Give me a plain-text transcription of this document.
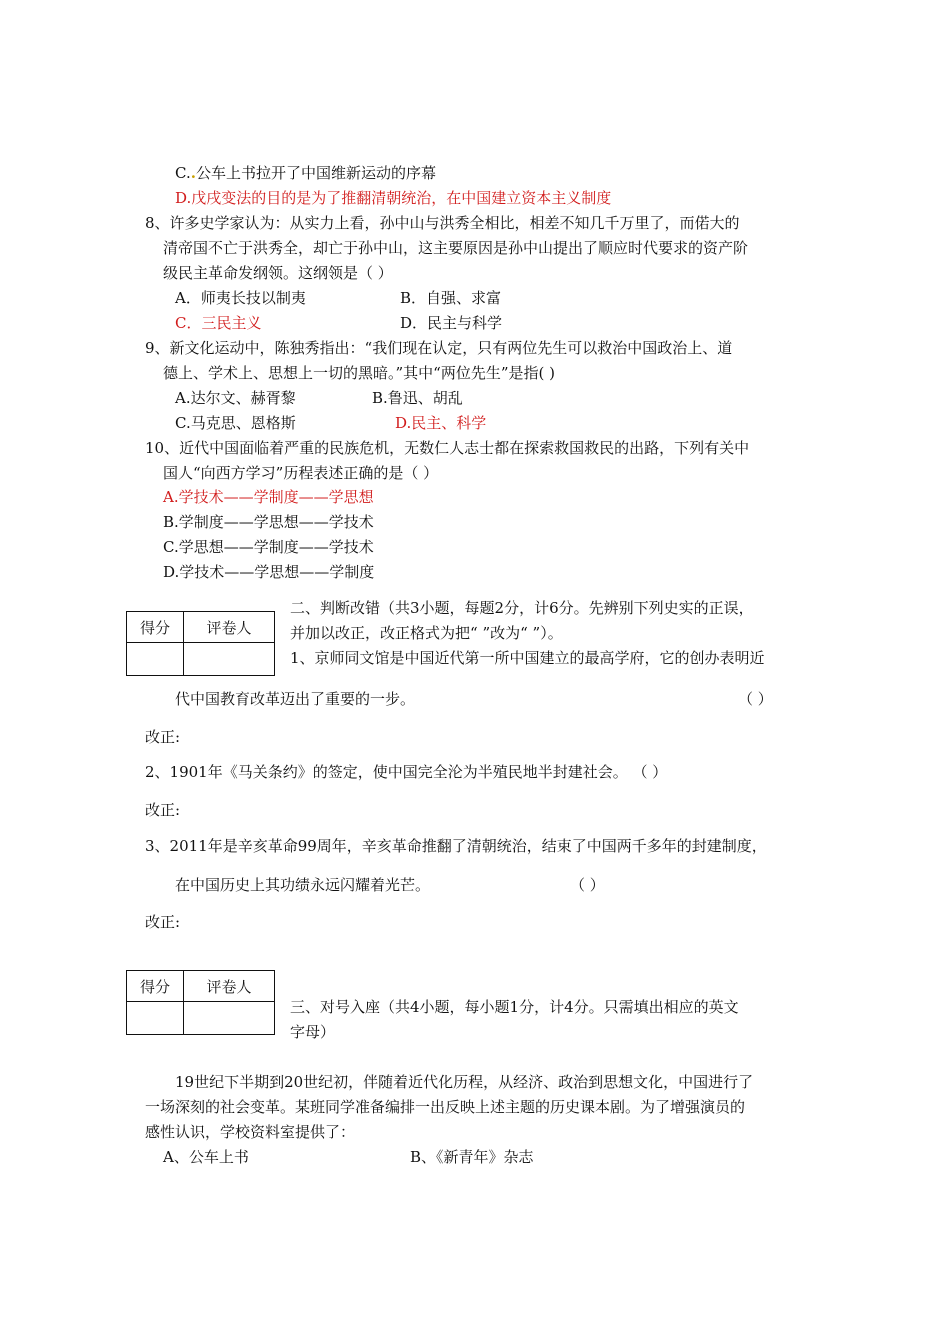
C..公车上书拉开了中国维新运动的序幕
D.戊戌变法的目的是为了推翻清朝统治，在中国建立资本主义制度
8、许多史学家认为：从实力上看，孙中山与洪秀全相比，相差不知几千万里了，而偌大的
清帝国不亡于洪秀全，却亡于孙中山，这主要原因是孙中山提出了顺应时代要求的资产阶
级民主革命发纲领。这纲领是（ ）
A．师夷长技以制夷	B．自强、求富
C．三民主义	D．民主与科学
9、新文化运动中，陈独秀指出：“我们现在认定，只有两位先生可以救治中国政治上、道
德上、学术上、思想上一切的黑暗。”其中“两位先生”是指( )
A.达尔文、赫胥黎	B.鲁迅、胡乱
C.马克思、恩格斯	D.民主、科学
10、近代中国面临着严重的民族危机，无数仁人志士都在探索救国救民的出路，下列有关中
国人“向西方学习”历程表述正确的是（ ）
A.学技术——学制度——学思想
B.学制度——学思想——学技术
C.学思想——学制度——学技术
D.学技术——学思想——学制度
得分	评卷人

二、判断改错（共3小题，每题2分，计6分。先辨别下列史实的正误，
并加以改正，改正格式为把“ ”改为“ ”）。
1、京师同文馆是中国近代第一所中国建立的最高学府，它的创办表明近
代中国教育改革迈出了重要的一步。	（ ）
改正:
2、1901年《马关条约》的签定，使中国完全沦为半殖民地半封建社会。 （ ）
改正:
3、2011年是辛亥革命99周年，辛亥革命推翻了清朝统治，结束了中国两千多年的封建制度，
在中国历史上其功绩永远闪耀着光芒。	（ ）
改正:
得分	评卷人

三、对号入座（共4小题，每小题1分，计4分。只需填出相应的英文
字母）
19世纪下半期到20世纪初，伴随着近代化历程，从经济、政治到思想文化，中国进行了
一场深刻的社会变革。某班同学准备编排一出反映上述主题的历史课本剧。为了增强演员的
感性认识，学校资料室提供了：
A、公车上书	B、《新青年》杂志
